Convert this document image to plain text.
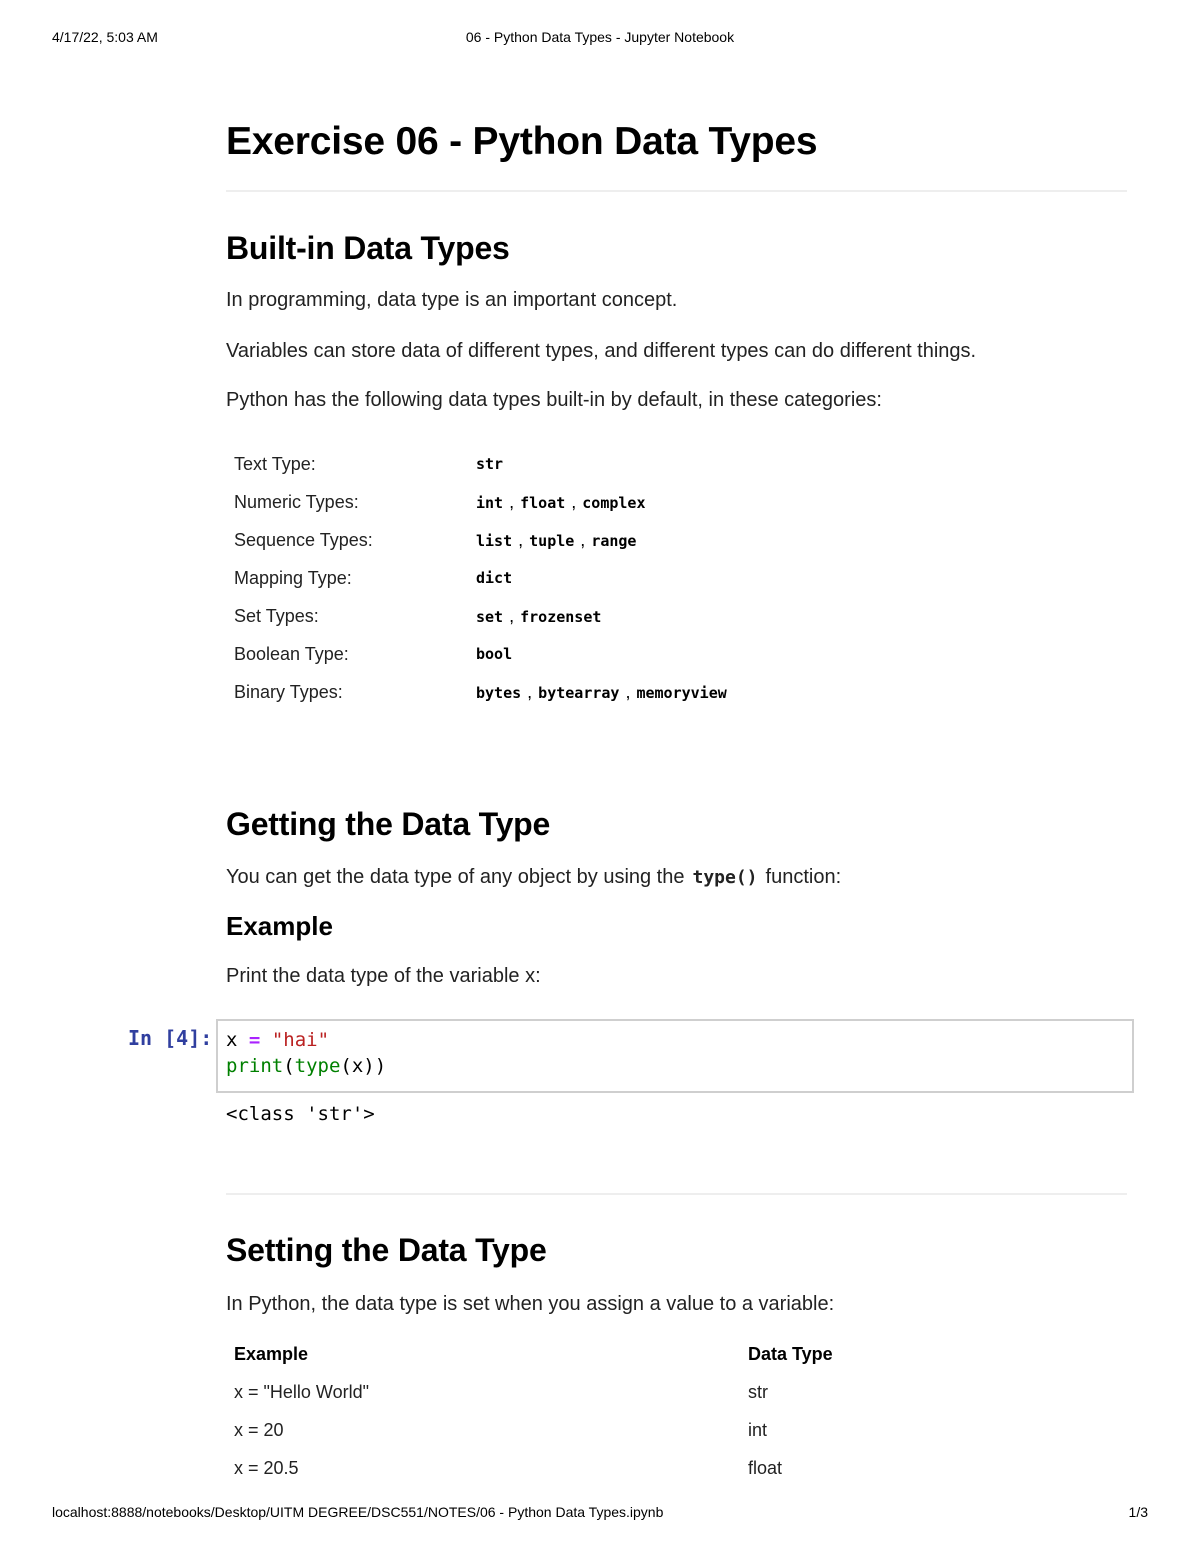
4/17/22, 5:03 AM	06 - Python Data Types - Jupyter Notebook
Exercise 06 - Python Data Types
Built-in Data Types
In programming, data type is an important concept.
Variables can store data of different types, and different types can do different things.
Python has the following data types built-in by default, in these categories:
Text Type:	str
Numeric Types:	int , float , complex
Sequence Types:	list , tuple , range
Mapping Type:	dict
Set Types:	set , frozenset
Boolean Type:	bool
Binary Types:	bytes , bytearray , memoryview
Getting the Data Type
You can get the data type of any object by using the type() function:
Example
Print the data type of the variable x:
In [4]: x = "hai"
print(type(x))
<class 'str'>
Setting the Data Type
In Python, the data type is set when you assign a value to a variable:
Example	Data Type
x = "Hello World"	str
x = 20	int
x = 20.5	float
localhost:8888/notebooks/Desktop/UITM DEGREE/DSC551/NOTES/06 - Python Data Types.ipynb	1/3
